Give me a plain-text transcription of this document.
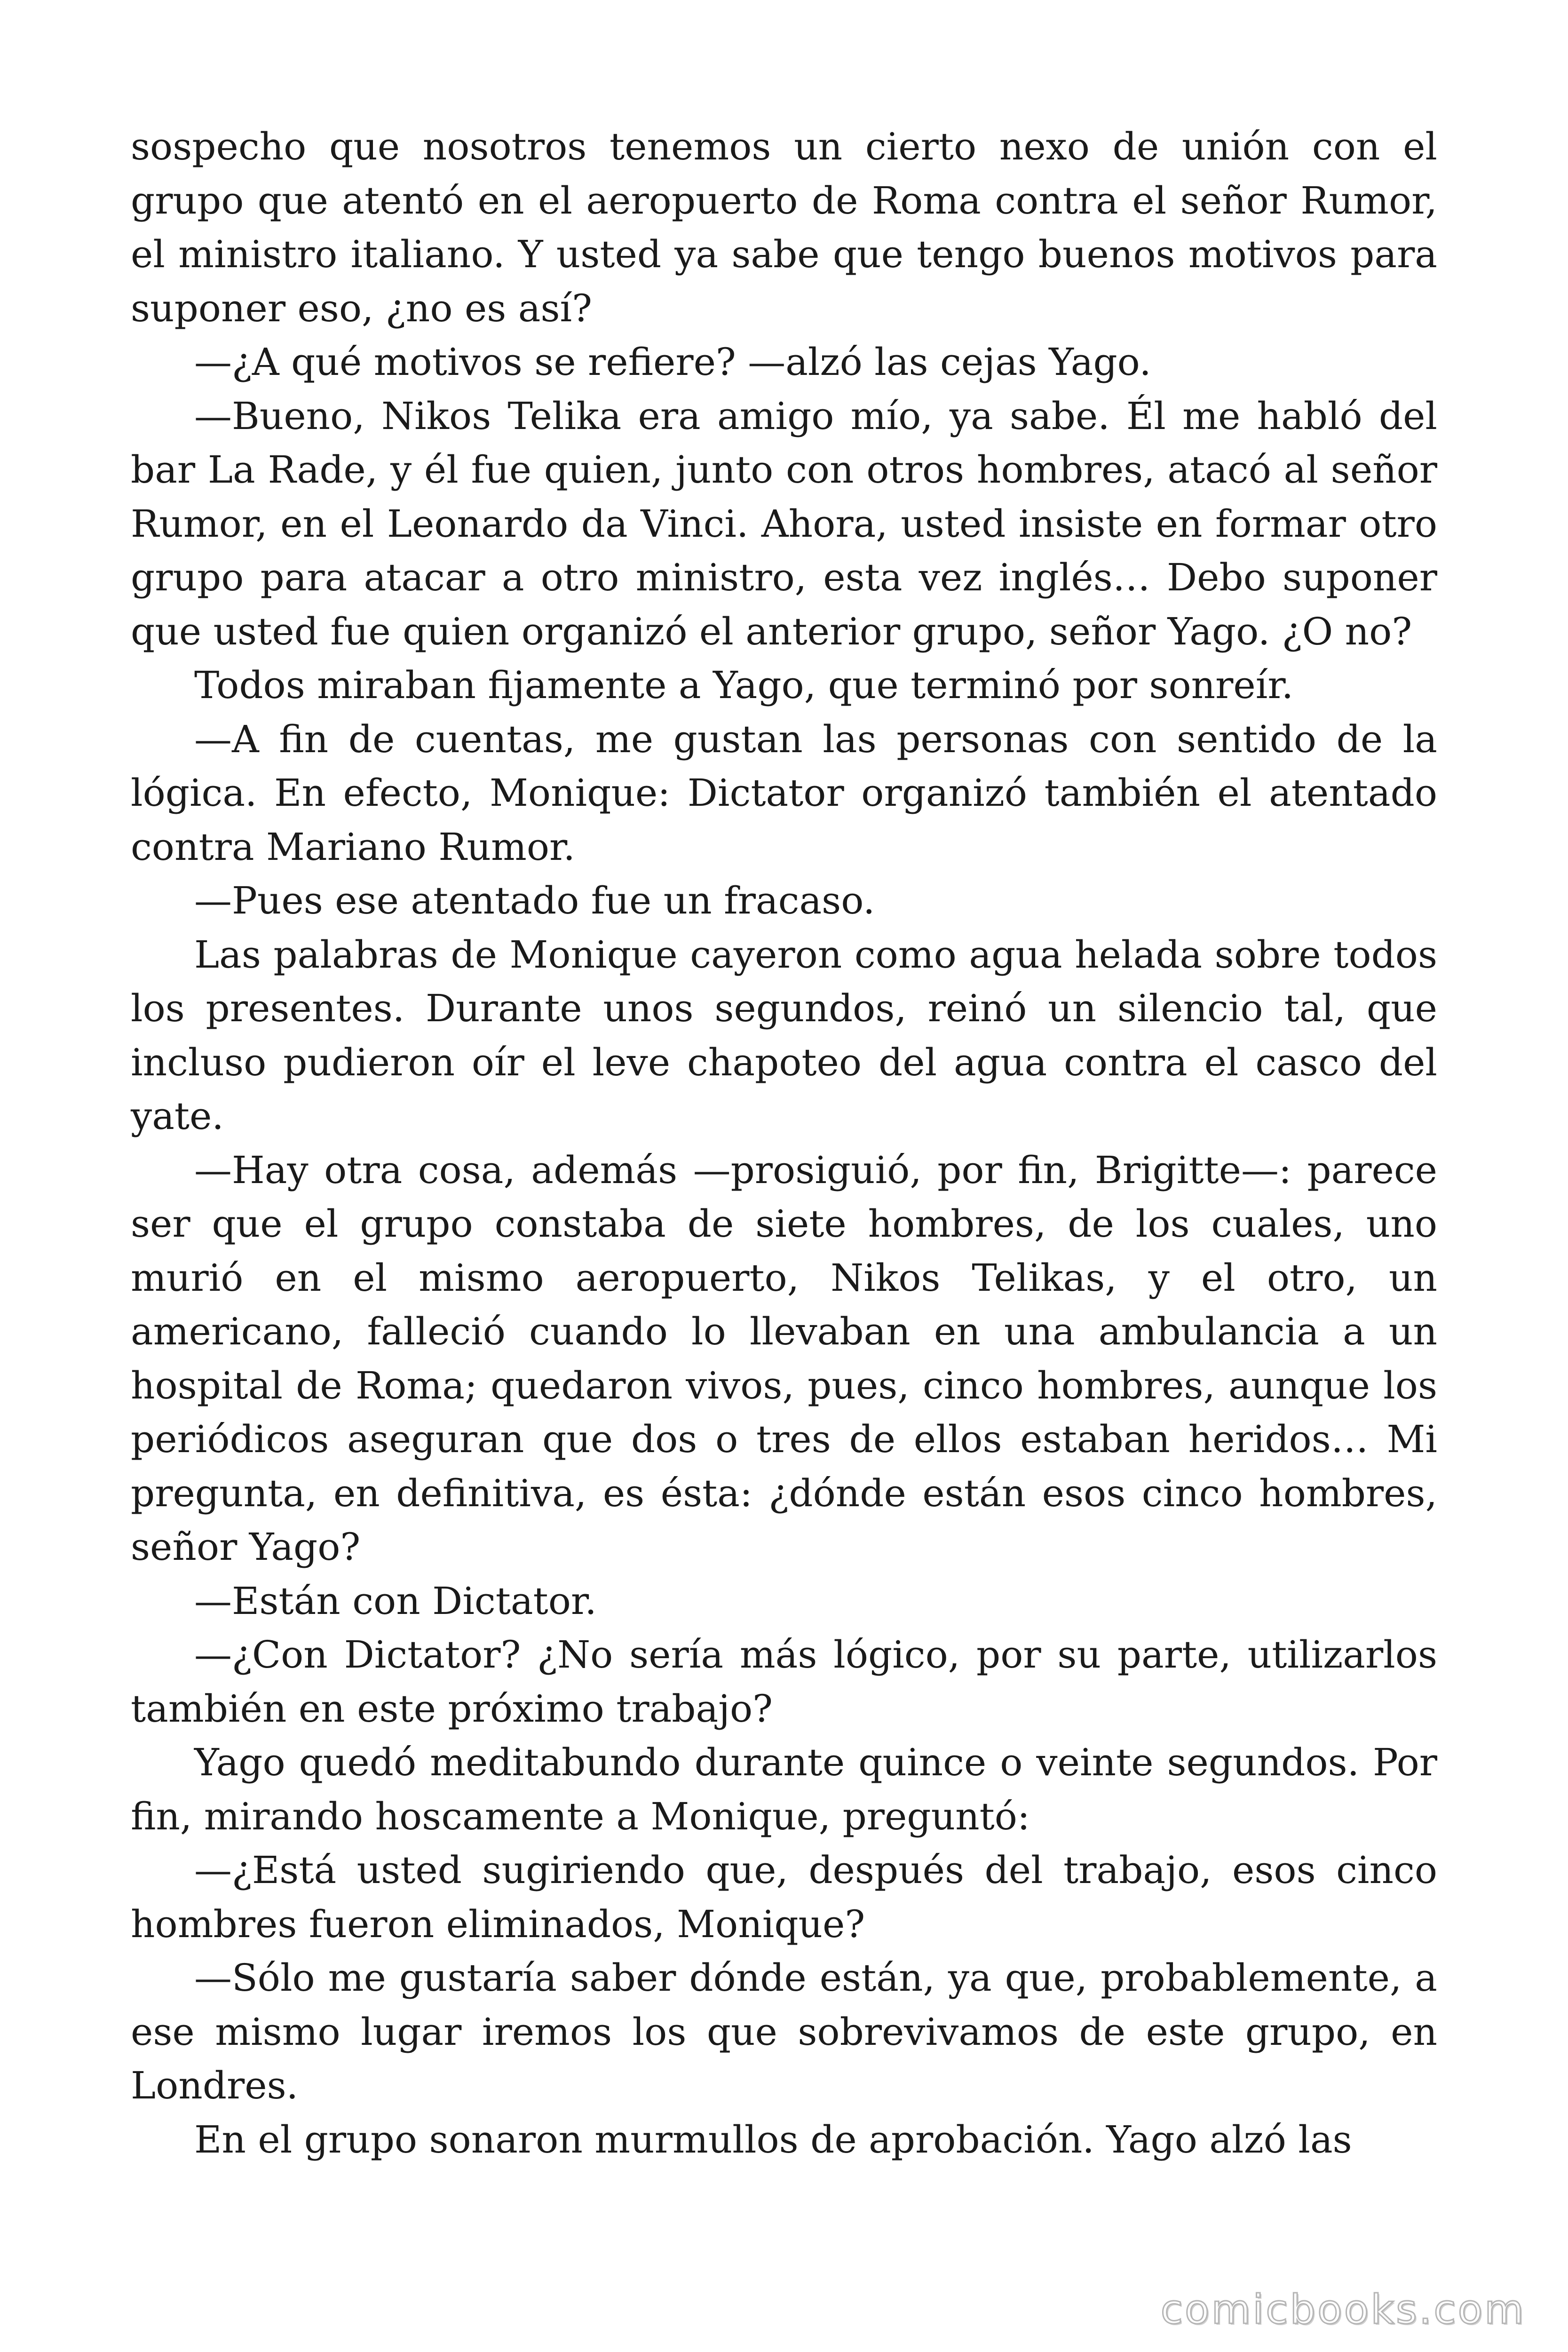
sospecho que nosotros tenemos un cierto nexo de unión con el grupo que atentó en el aeropuerto de Roma contra el señor Rumor, el ministro italiano. Y usted ya sabe que tengo buenos motivos para suponer eso, ¿no es así?

—¿A qué motivos se refiere? —alzó las cejas Yago.

—Bueno, Nikos Telika era amigo mío, ya sabe. Él me habló del bar La Rade, y él fue quien, junto con otros hombres, atacó al señor Rumor, en el Leonardo da Vinci. Ahora, usted insiste en formar otro grupo para atacar a otro ministro, esta vez inglés… Debo suponer que usted fue quien organizó el anterior grupo, señor Yago. ¿O no?

Todos miraban fijamente a Yago, que terminó por sonreír.

—A fin de cuentas, me gustan las personas con sentido de la lógica. En efecto, Monique: Dictator organizó también el atentado contra Mariano Rumor.

—Pues ese atentado fue un fracaso.

Las palabras de Monique cayeron como agua helada sobre todos los presentes. Durante unos segundos, reinó un silencio tal, que incluso pudieron oír el leve chapoteo del agua contra el casco del yate.

—Hay otra cosa, además —prosiguió, por fin, Brigitte—: parece ser que el grupo constaba de siete hombres, de los cuales, uno murió en el mismo aeropuerto, Nikos Telikas, y el otro, un americano, falleció cuando lo llevaban en una ambulancia a un hospital de Roma; quedaron vivos, pues, cinco hombres, aunque los periódicos aseguran que dos o tres de ellos estaban heridos… Mi pregunta, en definitiva, es ésta: ¿dónde están esos cinco hombres, señor Yago?

—Están con Dictator.

—¿Con Dictator? ¿No sería más lógico, por su parte, utilizarlos también en este próximo trabajo?

Yago quedó meditabundo durante quince o veinte segundos. Por fin, mirando hoscamente a Monique, preguntó:

—¿Está usted sugiriendo que, después del trabajo, esos cinco hombres fueron eliminados, Monique?

—Sólo me gustaría saber dónde están, ya que, probablemente, a ese mismo lugar iremos los que sobrevivamos de este grupo, en Londres.

En el grupo sonaron murmullos de aprobación. Yago alzó las

comicbooks.com
